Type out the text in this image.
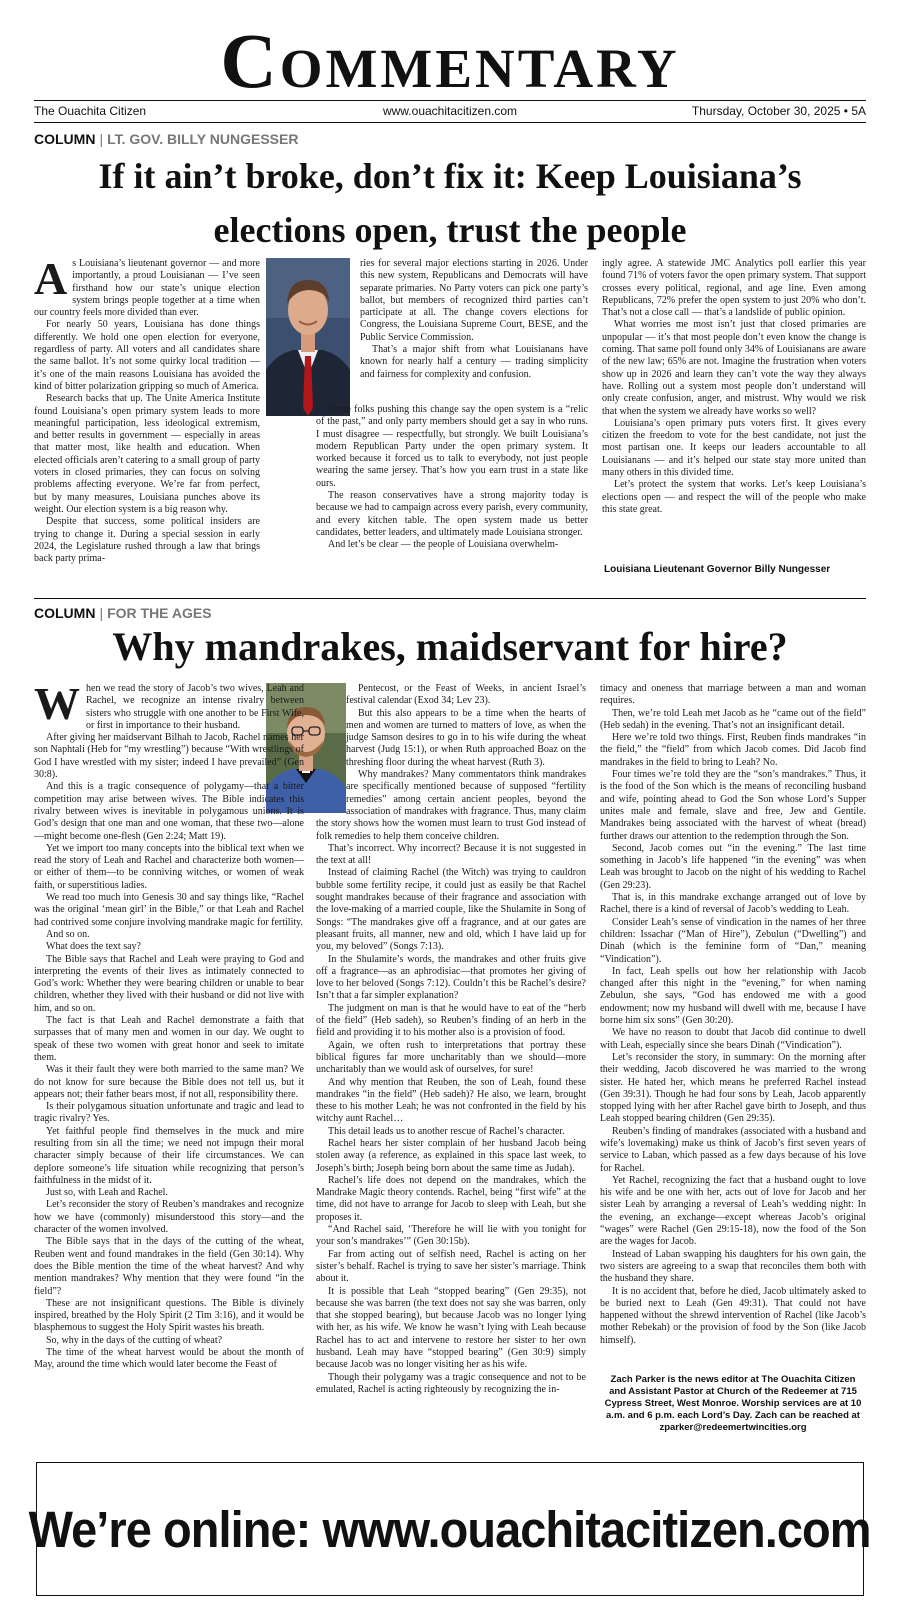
Commentary
The Ouachita Citizen	www.ouachitacitizen.com	Thursday, October 30, 2025 • 5A
COLUMN | LT. GOV. BILLY NUNGESSER
If it ain’t broke, don’t fix it: Keep Louisiana’s elections open, trust the people
A s Louisiana’s lieutenant governor — and more importantly, a proud Louisianan — I’ve seen firsthand how our state’s unique election system brings people together at a time when our country feels more divided than ever.

For nearly 50 years, Louisiana has done things differently. We hold one open election for everyone, regardless of party. All voters and all candidates share the same ballot. It’s not some quirky local tradition — it’s one of the main reasons Louisiana has avoided the kind of bitter polarization gripping so much of America.

Research backs that up. The Unite America Institute found Louisiana’s open primary system leads to more meaningful participation, less ideological extremism, and better results in government — especially in areas that matter most, like health and education. When elected officials aren’t catering to a small group of party voters in closed primaries, they can focus on solving problems affecting everyone. We’re far from perfect, but by many measures, Louisiana punches above its weight. Our election system is a big reason why.

Despite that success, some political insiders are trying to change it. During a special session in early 2024, the Legislature rushed through a law that brings back party prima-

ries for several major elections starting in 2026. Under this new system, Republicans and Democrats will have separate primaries. No Party voters can pick one party’s ballot, but members of recognized third parties can’t participate at all. The change covers elections for Congress, the Louisiana Supreme Court, BESE, and the Public Service Commission.

That’s a major shift from what Louisianans have known for nearly half a century — trading simplicity and fairness for complexity and confusion.

Some folks pushing this change say the open system is a “relic of the past,” and only party members should get a say in who runs. I must disagree — respectfully, but strongly. We built Louisiana’s modern Republican Party under the open primary system. It worked because it forced us to talk to everybody, not just people wearing the same jersey. That’s how you earn trust in a state like ours.

The reason conservatives have a strong majority today is because we had to campaign across every parish, every community, and every kitchen table. The open system made us better candidates, better leaders, and ultimately made Louisiana stronger.

And let’s be clear — the people of Louisiana overwhelm-

ingly agree. A statewide JMC Analytics poll earlier this year found 71% of voters favor the open primary system. That support crosses every political, regional, and age line. Even among Republicans, 72% prefer the open system to just 20% who don’t. That’s not a close call — that’s a landslide of public opinion.

What worries me most isn’t just that closed primaries are unpopular — it’s that most people don’t even know the change is coming. That same poll found only 34% of Louisianans are aware of the new law; 65% are not. Imagine the frustration when voters show up in 2026 and learn they can’t vote the way they always have. Rolling out a system most people don’t understand will only create confusion, anger, and mistrust. Why would we risk that when the system we already have works so well?

Louisiana’s open primary puts voters first. It gives every citizen the freedom to vote for the best candidate, not just the most partisan one. It keeps our leaders accountable to all Louisianans — and it’s helped our state stay more united than many others in this divided time.

Let’s protect the system that works. Let’s keep Louisiana’s elections open — and respect the will of the people who make this state great.

Louisiana Lieutenant Governor Billy Nungesser
COLUMN | FOR THE AGES
Why mandrakes, maidservant for hire?
W hen we read the story of Jacob’s two wives, Leah and Rachel, we recognize an intense rivalry between sisters who struggle with one another to be First Wife, or first in importance to their husband.

After giving her maidservant Bilhah to Jacob, Rachel names her son Naphtali (Heb for “my wrestling”) because “With wrestlings of God I have wrestled with my sister; indeed I have prevailed” (Gen 30:8).

And this is a tragic consequence of polygamy—that a bitter competition may arise between wives. The Bible indicates this rivalry between wives is inevitable in polygamous unions. It is God’s design that one man and one woman, that these two—alone—might become one-flesh (Gen 2:24; Matt 19).

Yet we import too many concepts into the biblical text when we read the story of Leah and Rachel and characterize both women—or either of them—to be conniving witches, or women of weak faith, or superstitious ladies.

We read too much into Genesis 30 and say things like, “Rachel was the original ‘mean girl’ in the Bible,” or that Leah and Rachel had contrived some conjure involving mandrake magic for fertility.

And so on.

What does the text say?

The Bible says that Rachel and Leah were praying to God and interpreting the events of their lives as intimately connected to God’s work: Whether they were bearing children or unable to bear children, whether they lived with their husband or did not live with him, and so on.

The fact is that Leah and Rachel demonstrate a faith that surpasses that of many men and women in our day. We ought to speak of these two women with great honor and seek to imitate them.

Was it their fault they were both married to the same man? We do not know for sure because the Bible does not tell us, but it appears not; their father bears most, if not all, responsibility there.

Is their polygamous situation unfortunate and tragic and lead to tragic rivalry? Yes.

Yet faithful people find themselves in the muck and mire resulting from sin all the time; we need not impugn their moral character simply because of their life circumstances. We can deplore someone’s life situation while recognizing that person’s faithfulness in the midst of it.

Just so, with Leah and Rachel.

Let’s reconsider the story of Reuben’s mandrakes and recognize how we have (commonly) misunderstood this story—and the character of the women involved.

The Bible says that in the days of the cutting of the wheat, Reuben went and found mandrakes in the field (Gen 30:14). Why does the Bible mention the time of the wheat harvest? And why mention mandrakes? Why mention that they were found “in the field”?

These are not insignificant questions. The Bible is divinely inspired, breathed by the Holy Spirit (2 Tim 3:16), and it would be blasphemous to suggest the Holy Spirit wastes his breath.

So, why in the days of the cutting of wheat?

The time of the wheat harvest would be about the month of May, around the time which would later become the Feast of

Pentecost, or the Feast of Weeks, in ancient Israel’s festival calendar (Exod 34; Lev 23).

But this also appears to be a time when the hearts of men and women are turned to matters of love, as when the judge Samson desires to go in to his wife during the wheat harvest (Judg 15:1), or when Ruth approached Boaz on the threshing floor during the wheat harvest (Ruth 3).

Why mandrakes? Many commentators think mandrakes are specifically mentioned because of supposed “fertility remedies” among certain ancient peoples, beyond the association of mandrakes with fragrance. Thus, many claim the story shows how the women must learn to trust God instead of folk remedies to help them conceive children.

That’s incorrect. Why incorrect? Because it is not suggested in the text at all!

Instead of claiming Rachel (the Witch) was trying to cauldron bubble some fertility recipe, it could just as easily be that Rachel sought mandrakes because of their fragrance and association with the love-making of a married couple, like the Shulamite in Song of Songs: “The mandrakes give off a fragrance, and at our gates are pleasant fruits, all manner, new and old, which I have laid up for you, my beloved” (Songs 7:13).

In the Shulamite’s words, the mandrakes and other fruits give off a fragrance—as an aphrodisiac—that promotes her giving of love to her beloved (Songs 7:12). Couldn’t this be Rachel’s desire? Isn’t that a far simpler explanation?

The judgment on man is that he would have to eat of the “herb of the field” (Heb sadeh), so Reuben’s finding of an herb in the field and providing it to his mother also is a provision of food.

Again, we often rush to interpretations that portray these biblical figures far more uncharitably than we should—more uncharitably than we would ask of ourselves, for sure!

And why mention that Reuben, the son of Leah, found these mandrakes “in the field” (Heb sadeh)? He also, we learn, brought these to his mother Leah; he was not confronted in the field by his witchy aunt Rachel…

This detail leads us to another rescue of Rachel’s character.

Rachel hears her sister complain of her husband Jacob being stolen away (a reference, as explained in this space last week, to Joseph’s birth; Joseph being born about the same time as Judah).

Rachel’s life does not depend on the mandrakes, which the Mandrake Magic theory contends. Rachel, being “first wife” at the time, did not have to arrange for Jacob to sleep with Leah, but she proposes it.

“And Rachel said, ‘Therefore he will lie with you tonight for your son’s mandrakes’” (Gen 30:15b).

Far from acting out of selfish need, Rachel is acting on her sister’s behalf. Rachel is trying to save her sister’s marriage. Think about it.

It is possible that Leah “stopped bearing” (Gen 29:35), not because she was barren (the text does not say she was barren, only that she stopped bearing), but because Jacob was no longer lying with her, as his wife. We know he wasn’t lying with Leah because Rachel has to act and intervene to restore her sister to her own husband. Leah may have “stopped bearing” (Gen 30:9) simply because Jacob was no longer visiting her as his wife.

Though their polygamy was a tragic consequence and not to be emulated, Rachel is acting righteously by recognizing the in-

timacy and oneness that marriage between a man and woman requires.

Then, we’re told Leah met Jacob as he “came out of the field” (Heb sedah) in the evening. That’s not an insignificant detail.

Here we’re told two things. First, Reuben finds mandrakes “in the field,” the “field” from which Jacob comes. Did Jacob find mandrakes in the field to bring to Leah? No.

Four times we’re told they are the “son’s mandrakes.” Thus, it is the food of the Son which is the means of reconciling husband and wife, pointing ahead to God the Son whose Lord’s Supper unites male and female, slave and free, Jew and Gentile. Mandrakes being associated with the harvest of wheat (bread) further draws our attention to the redemption through the Son.

Second, Jacob comes out “in the evening.” The last time something in Jacob’s life happened “in the evening” was when Leah was brought to Jacob on the night of his wedding to Rachel (Gen 29:23).

That is, in this mandrake exchange arranged out of love by Rachel, there is a kind of reversal of Jacob’s wedding to Leah.

Consider Leah’s sense of vindication in the names of her three children: Issachar (“Man of Hire”), Zebulun (“Dwelling”) and Dinah (which is the feminine form of “Dan,” meaning “Vindication”).

In fact, Leah spells out how her relationship with Jacob changed after this night in the “evening,” for when naming Zebulun, she says, “God has endowed me with a good endowment; now my husband will dwell with me, because I have borne him six sons” (Gen 30:20).

We have no reason to doubt that Jacob did continue to dwell with Leah, especially since she bears Dinah (“Vindication”).

Let’s reconsider the story, in summary: On the morning after their wedding, Jacob discovered he was married to the wrong sister. He hated her, which means he preferred Rachel instead (Gen 39:31). Though he had four sons by Leah, Jacob apparently stopped lying with her after Rachel gave birth to Joseph, and thus Leah stopped bearing children (Gen 29:35).

Reuben’s finding of mandrakes (associated with a husband and wife’s lovemaking) make us think of Jacob’s first seven years of service to Laban, which passed as a few days because of his love for Rachel.

Yet Rachel, recognizing the fact that a husband ought to love his wife and be one with her, acts out of love for Jacob and her sister Leah by arranging a reversal of Leah’s wedding night: In the evening, an exchange—except whereas Jacob’s original “wages” were Rachel (Gen 29:15-18), now the food of the Son are the wages for Jacob.

Instead of Laban swapping his daughters for his own gain, the two sisters are agreeing to a swap that reconciles them both with the husband they share.

It is no accident that, before he died, Jacob ultimately asked to be buried next to Leah (Gen 49:31). That could not have happened without the shrewd intervention of Rachel (like Jacob’s mother Rebekah) or the provision of food by the Son (like Jacob himself).

Zach Parker is the news editor at The Ouachita Citizen and Assistant Pastor at Church of the Redeemer at 715 Cypress Street, West Monroe. Worship services are at 10 a.m. and 6 p.m. each Lord’s Day. Zach can be reached at zparker@redeemertwincities.org
We’re online: www.ouachitacitizen.com
